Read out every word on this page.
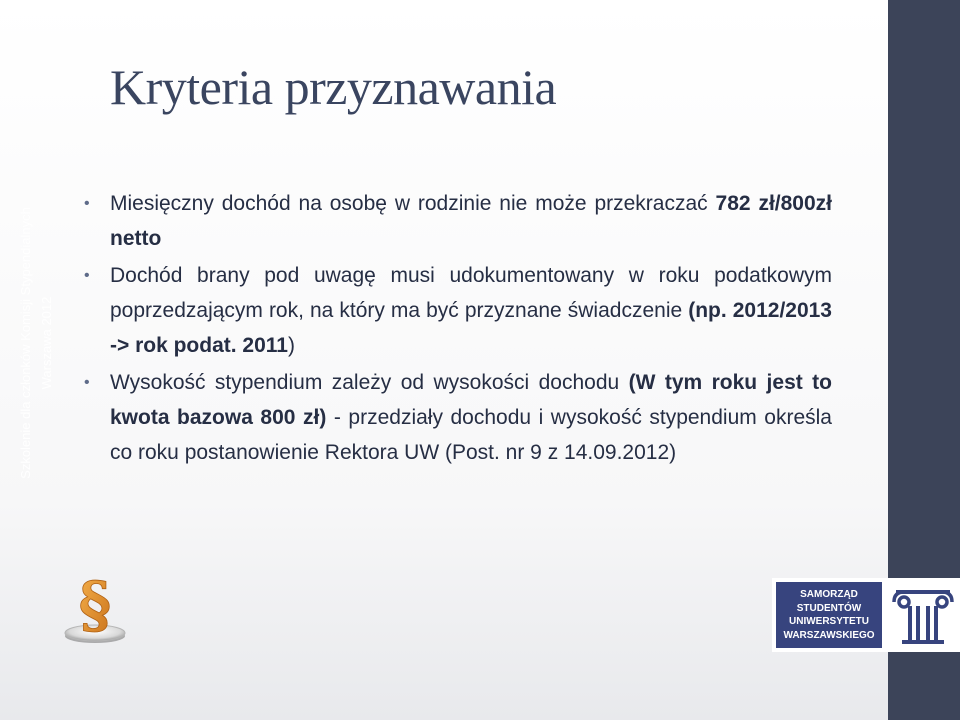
Kryteria przyznawania
• Miesięczny dochód na osobę w rodzinie nie może przekraczać 782 zł/800zł netto
• Dochód brany pod uwagę musi udokumentowany w roku podatkowym poprzedzającym rok, na który ma być przyznane świadczenie (np. 2012/2013 -> rok podat. 2011)
• Wysokość stypendium zależy od wysokości dochodu (W tym roku jest to kwota bazowa 800 zł) - przedziały dochodu i wysokość stypendium określa co roku postanowienie Rektora UW (Post. nr 9 z 14.09.2012)
Szkolenie dla członków Komisji Stypendialnych Warszawa 2012
§	SAMORZĄD
STUDENTÓW
UNIWERSYTETU
WARSZAWSKIEGO
